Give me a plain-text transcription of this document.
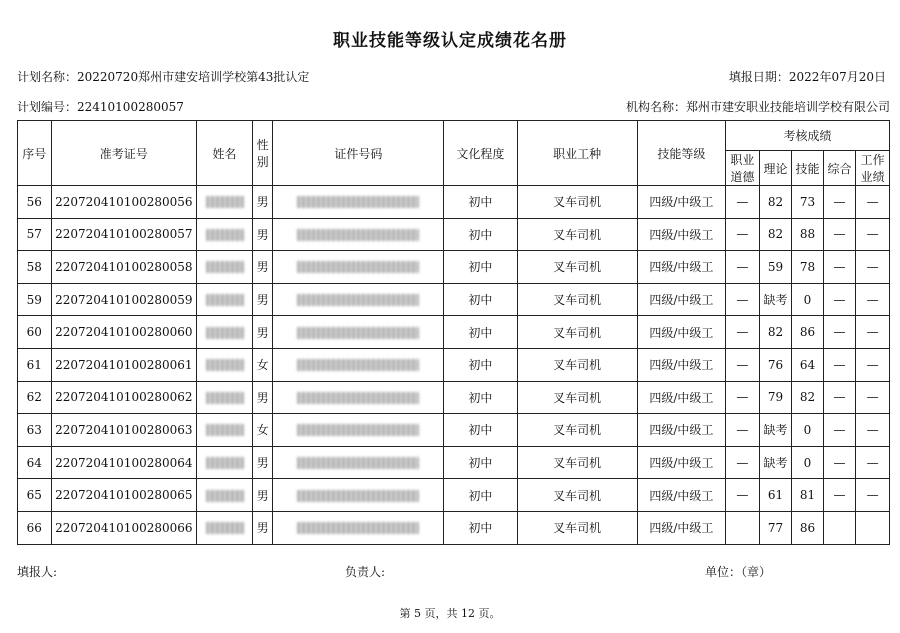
职业技能等级认定成绩花名册
计划名称：20220720郑州市建安培训学校第43批认定	填报日期：2022年07月20日
计划编号：22410100280057	机构名称：郑州市建安职业技能培训学校有限公司
序号	准考证号	姓名	性别	证件号码	文化程度	职业工种	技能等级	考核成绩				
								职业道德	理论	技能	综合	工作业绩
56	220720410100280056		男		初中	叉车司机	四级/中级工	—	82	73	—	—
57	220720410100280057		男		初中	叉车司机	四级/中级工	—	82	88	—	—
58	220720410100280058		男		初中	叉车司机	四级/中级工	—	59	78	—	—
59	220720410100280059		男		初中	叉车司机	四级/中级工	—	缺考	0	—	—
60	220720410100280060		男		初中	叉车司机	四级/中级工	—	82	86	—	—
61	220720410100280061		女		初中	叉车司机	四级/中级工	—	76	64	—	—
62	220720410100280062		男		初中	叉车司机	四级/中级工	—	79	82	—	—
63	220720410100280063		女		初中	叉车司机	四级/中级工	—	缺考	0	—	—
64	220720410100280064		男		初中	叉车司机	四级/中级工	—	缺考	0	—	—
65	220720410100280065		男		初中	叉车司机	四级/中级工	—	61	81	—	—
66	220720410100280066		男		初中	叉车司机	四级/中级工		77	86		
填报人:	负责人:	单位：（章）
第 5 页，共 12 页。
